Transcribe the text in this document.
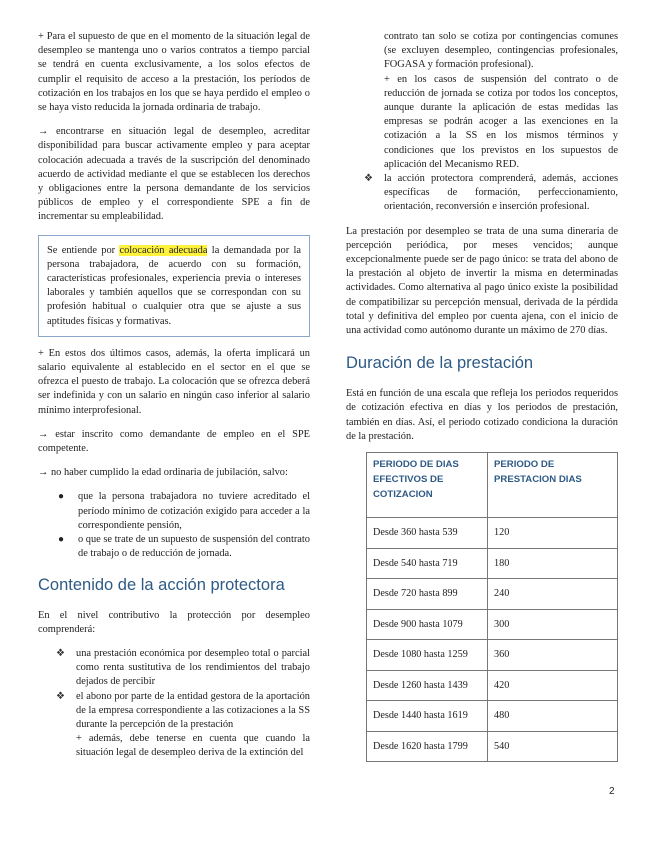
+ Para el supuesto de que en el momento de la situación legal de desempleo se mantenga uno o varios contratos a tiempo parcial se tendrá en cuenta exclusivamente, a los solos efectos de cumplir el requisito de acceso a la prestación, los períodos de cotización en los trabajos en los que se haya perdido el empleo o se haya visto reducida la jornada ordinaria de trabajo.

→ encontrarse en situación legal de desempleo, acreditar disponibilidad para buscar activamente empleo y para aceptar colocación adecuada a través de la suscripción del denominado acuerdo de actividad mediante el que se establecen los derechos y obligaciones entre la persona demandante de los servicios públicos de empleo y el correspondiente SPE a fin de incrementar su empleabilidad.

Se entiende por colocación adecuada la demandada por la persona trabajadora, de acuerdo con su formación, características profesionales, experiencia previa o intereses laborales y también aquellos que se correspondan con su profesión habitual o cualquier otra que se ajuste a sus aptitudes físicas y formativas.

+ En estos dos últimos casos, además, la oferta implicará un salario equivalente al establecido en el sector en el que se ofrezca el puesto de trabajo. La colocación que se ofrezca deberá ser indefinida y con un salario en ningún caso inferior al salario mínimo interprofesional.

→ estar inscrito como demandante de empleo en el SPE competente.

→ no haber cumplido la edad ordinaria de jubilación, salvo:

● que la persona trabajadora no tuviere acreditado el período mínimo de cotización exigido para acceder a la correspondiente pensión,
● o que se trate de un supuesto de suspensión del contrato de trabajo o de reducción de jornada.
Contenido de la acción protectora

En el nivel contributivo la protección por desempleo comprenderá:

❖ una prestación económica por desempleo total o parcial como renta sustitutiva de los rendimientos del trabajo dejados de percibir
❖ el abono por parte de la entidad gestora de la aportación de la empresa correspondiente a las cotizaciones a la SS durante la percepción de la prestación

+ además, debe tenerse en cuenta que cuando la situación legal de desempleo deriva de la extinción del

contrato tan solo se cotiza por contingencias comunes (se excluyen desempleo, contingencias profesionales, FOGASA y formación profesional).

+ en los casos de suspensión del contrato o de reducción de jornada se cotiza por todos los conceptos, aunque durante la aplicación de estas medidas las empresas se podrán acoger a las exenciones en la cotización a la SS en los mismos términos y condiciones que los previstos en los supuestos de aplicación del Mecanismo RED.

❖ la acción protectora comprenderá, además, acciones específicas de formación, perfeccionamiento, orientación, reconversión e inserción profesional.

La prestación por desempleo se trata de una suma dineraria de percepción periódica, por meses vencidos; aunque excepcionalmente puede ser de pago único: se trata del abono de la prestación al objeto de invertir la misma en determinadas actividades. Como alternativa al pago único existe la posibilidad de compatibilizar su percepción mensual, derivada de la pérdida total y definitiva del empleo por cuenta ajena, con el inicio de una actividad como autónomo durante un máximo de 270 días.

Duración de la prestación

Está en función de una escala que refleja los periodos requeridos de cotización efectiva en días y los periodos de prestación, también en días. Así, el periodo cotizado condiciona la duración de la prestación.

PERIODO DE DIAS EFECTIVOS DE COTIZACION	PERIODO DE PRESTACION DIAS
Desde 360 hasta 539	120
Desde 540 hasta 719	180
Desde 720 hasta 899	240
Desde 900 hasta 1079	300
Desde 1080 hasta 1259	360
Desde 1260 hasta 1439	420
Desde 1440 hasta 1619	480
Desde 1620 hasta 1799	540
2
